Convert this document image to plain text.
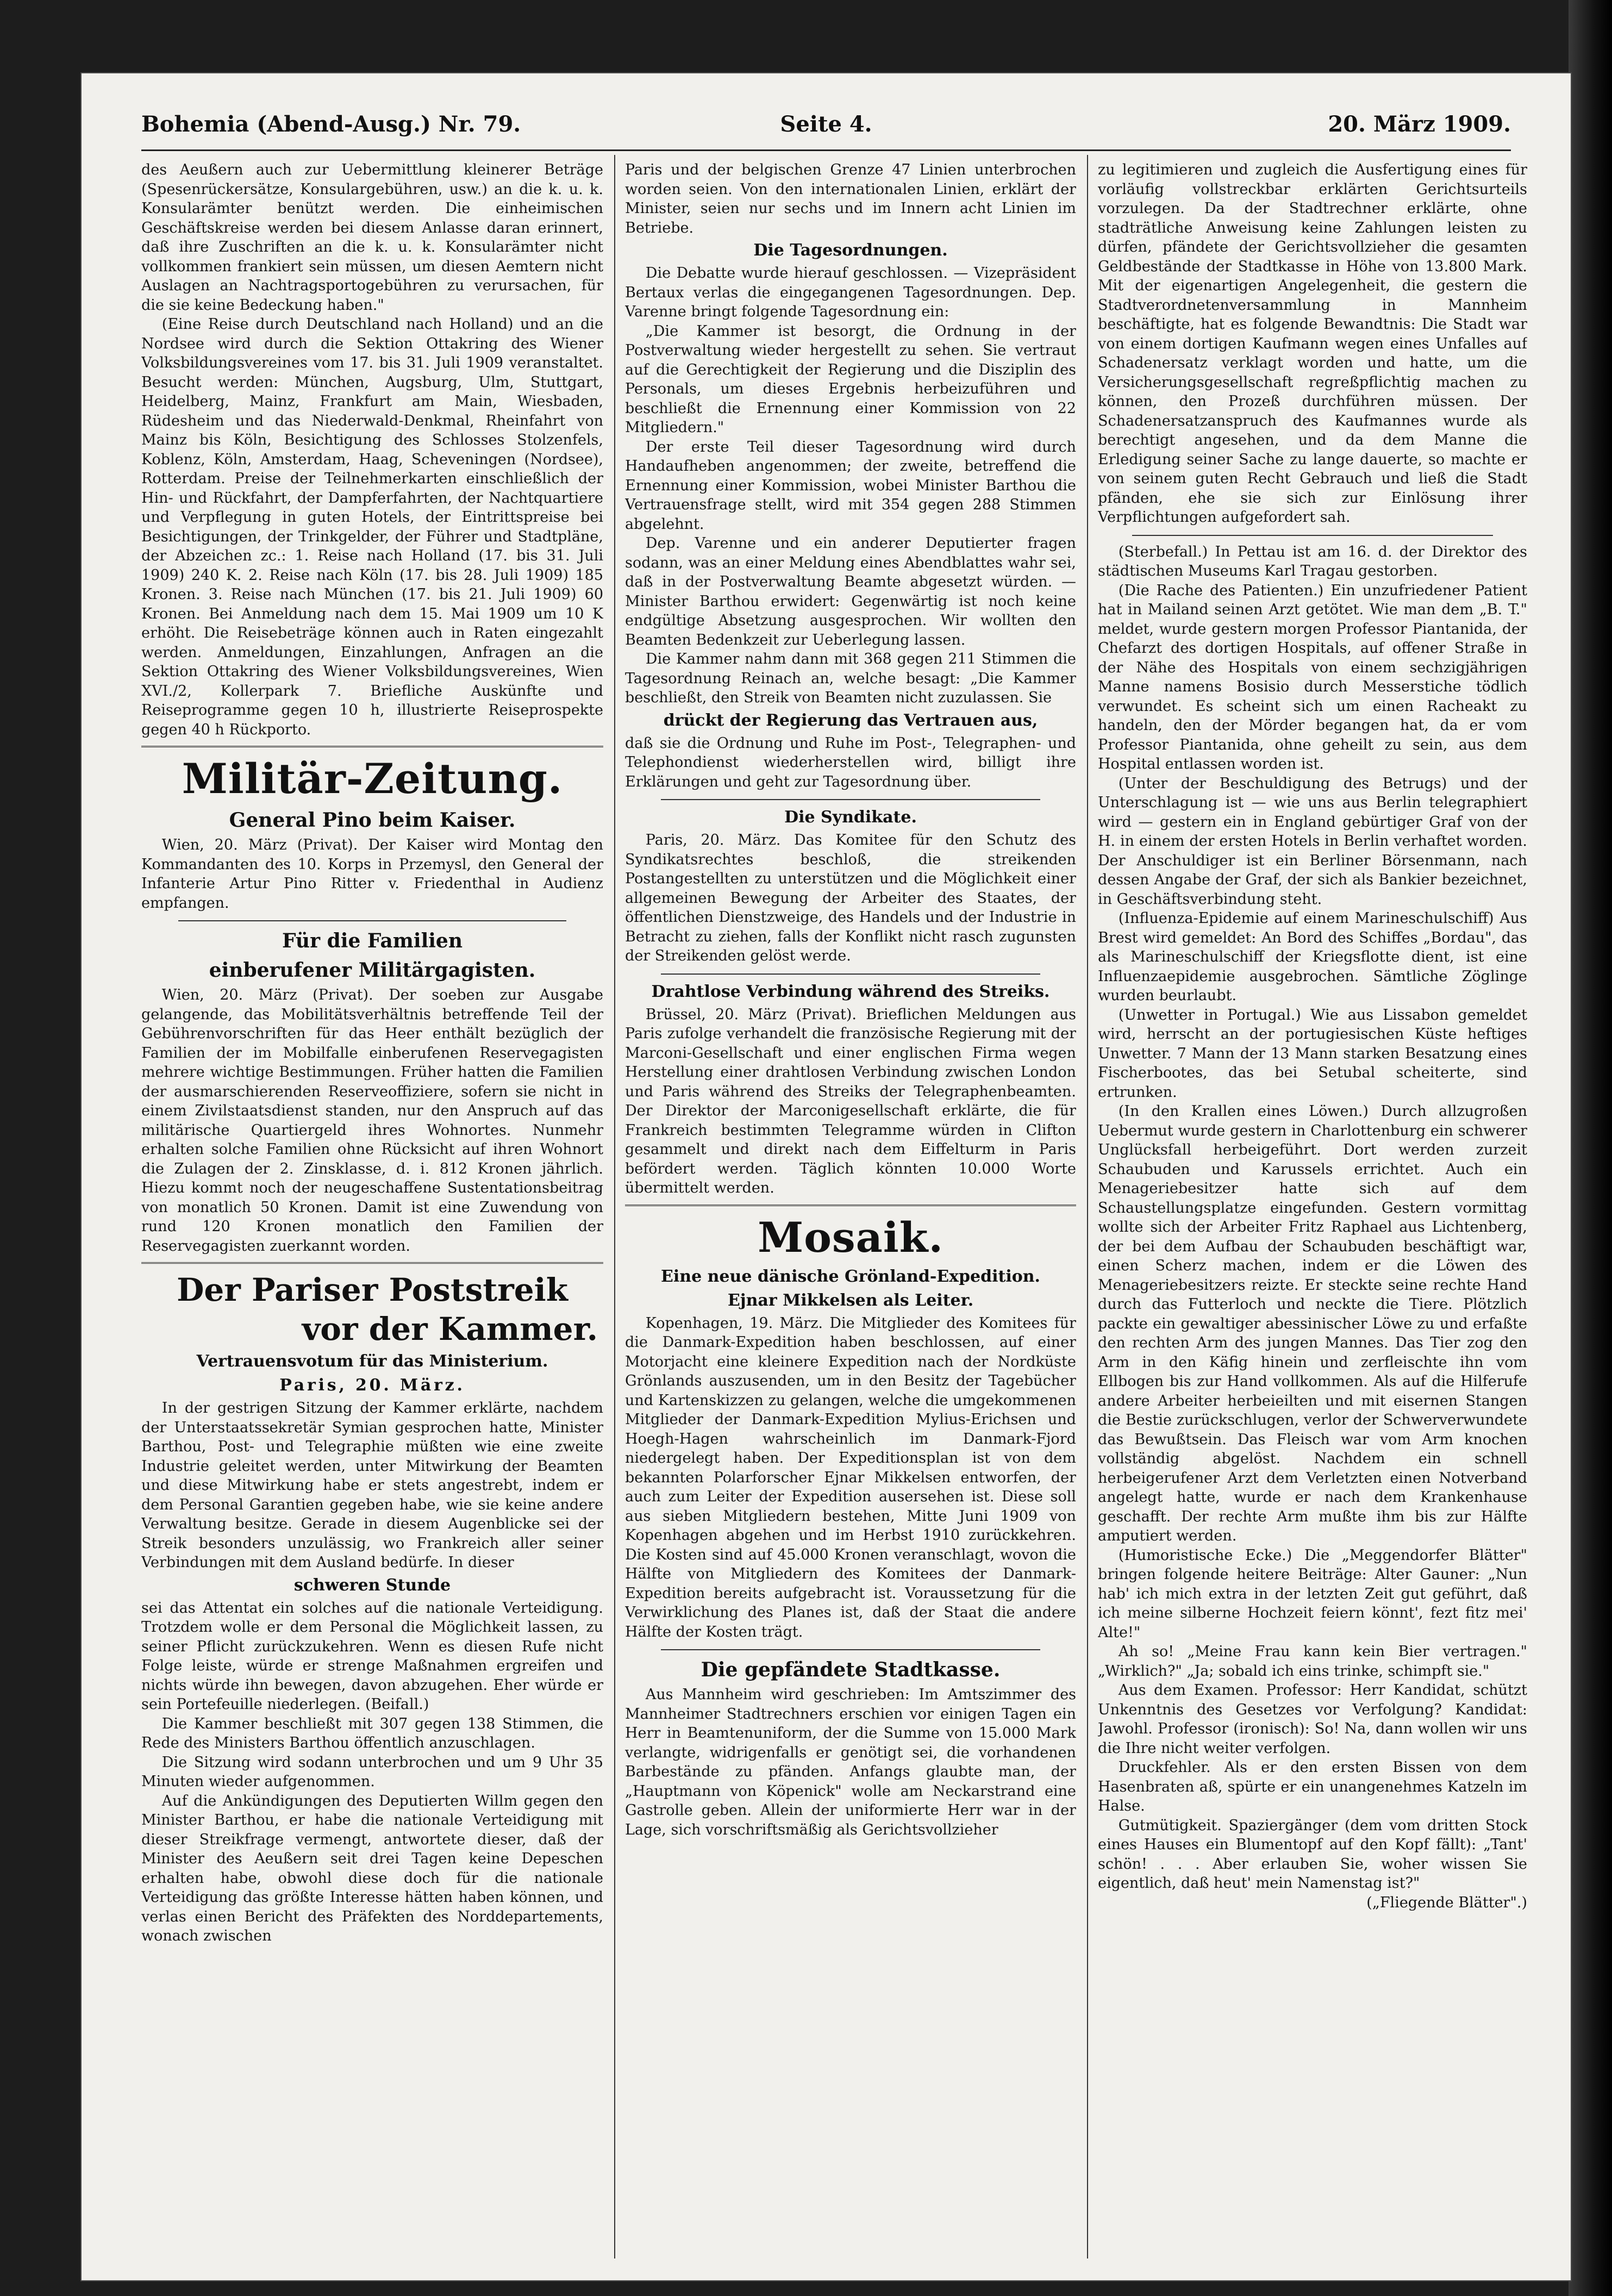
Bohemia (Abend-Ausg.) Nr. 79.	Seite 4.	20. März 1909.

des Aeußern auch zur Uebermittlung kleinerer Beträge (Spesenrückersätze, Konsulargebühren, usw.) an die k. u. k. Konsularämter benützt werden. Die einheimischen Geschäftskreise werden bei diesem Anlasse daran erinnert, daß ihre Zuschriften an die k. u. k. Konsularämter nicht vollkommen frankiert sein müssen, um diesen Aemtern nicht Auslagen an Nachtragsportogebühren zu verursachen, für die sie keine Bedeckung haben."

(Eine Reise durch Deutschland nach Holland) und an die Nordsee wird durch die Sektion Ottakring des Wiener Volksbildungsvereines vom 17. bis 31. Juli 1909 veranstaltet. Besucht werden: München, Augsburg, Ulm, Stuttgart, Heidelberg, Mainz, Frankfurt am Main, Wiesbaden, Rüdesheim und das Niederwald-Denkmal, Rheinfahrt von Mainz bis Köln, Besichtigung des Schlosses Stolzenfels, Koblenz, Köln, Amsterdam, Haag, Scheveningen (Nordsee), Rotterdam. Preise der Teilnehmerkarten einschließlich der Hin- und Rückfahrt, der Dampferfahrten, der Nachtquartiere und Verpflegung in guten Hotels, der Eintrittspreise bei Besichtigungen, der Trinkgelder, der Führer und Stadtpläne, der Abzeichen zc.: 1. Reise nach Holland (17. bis 31. Juli 1909) 240 K. 2. Reise nach Köln (17. bis 28. Juli 1909) 185 Kronen. 3. Reise nach München (17. bis 21. Juli 1909) 60 Kronen. Bei Anmeldung nach dem 15. Mai 1909 um 10 K erhöht. Die Reisebeträge können auch in Raten eingezahlt werden. Anmeldungen, Einzahlungen, Anfragen an die Sektion Ottakring des Wiener Volksbildungsvereines, Wien XVI./2, Kollerpark 7. Briefliche Auskünfte und Reiseprogramme gegen 10 h, illustrierte Reiseprospekte gegen 40 h Rückporto.

Militär-Zeitung.
General Pino beim Kaiser.

Wien, 20. März (Privat). Der Kaiser wird Montag den Kommandanten des 10. Korps in Przemysl, den General der Infanterie Artur Pino Ritter v. Friedenthal in Audienz empfangen.

Für die Familien
einberufener Militärgagisten.

Wien, 20. März (Privat). Der soeben zur Ausgabe gelangende, das Mobilitätsverhältnis betreffende Teil der Gebührenvorschriften für das Heer enthält bezüglich der Familien der im Mobilfalle einberufenen Reservegagisten mehrere wichtige Bestimmungen. Früher hatten die Familien der ausmarschierenden Reserveoffiziere, sofern sie nicht in einem Zivilstaatsdienst standen, nur den Anspruch auf das militärische Quartiergeld ihres Wohnortes. Nunmehr erhalten solche Familien ohne Rücksicht auf ihren Wohnort die Zulagen der 2. Zinsklasse, d. i. 812 Kronen jährlich. Hiezu kommt noch der neugeschaffene Sustentationsbeitrag von monatlich 50 Kronen. Damit ist eine Zuwendung von rund 120 Kronen monatlich den Familien der Reservegagisten zuerkannt worden.

Der Pariser Poststreik
vor der Kammer.
Vertrauensvotum für das Ministerium.
Paris, 20. März.

In der gestrigen Sitzung der Kammer erklärte, nachdem der Unterstaatssekretär Symian gesprochen hatte, Minister Barthou, Post- und Telegraphie müßten wie eine zweite Industrie geleitet werden, unter Mitwirkung der Beamten und diese Mitwirkung habe er stets angestrebt, indem er dem Personal Garantien gegeben habe, wie sie keine andere Verwaltung besitze. Gerade in diesem Augenblicke sei der Streik besonders unzulässig, wo Frankreich aller seiner Verbindungen mit dem Ausland bedürfe. In dieser

schweren Stunde

sei das Attentat ein solches auf die nationale Verteidigung. Trotzdem wolle er dem Personal die Möglichkeit lassen, zu seiner Pflicht zurückzukehren. Wenn es diesen Rufe nicht Folge leiste, würde er strenge Maßnahmen ergreifen und nichts würde ihn bewegen, davon abzugehen. Eher würde er sein Portefeuille niederlegen. (Beifall.)

Die Kammer beschließt mit 307 gegen 138 Stimmen, die Rede des Ministers Barthou öffentlich anzuschlagen.

Die Sitzung wird sodann unterbrochen und um 9 Uhr 35 Minuten wieder aufgenommen.

Auf die Ankündigungen des Deputierten Willm gegen den Minister Barthou, er habe die nationale Verteidigung mit dieser Streikfrage vermengt, antwortete dieser, daß der Minister des Aeußern seit drei Tagen keine Depeschen erhalten habe, obwohl diese doch für die nationale Verteidigung das größte Interesse hätten haben können, und verlas einen Bericht des Präfekten des Norddepartements, wonach zwischen

Paris und der belgischen Grenze 47 Linien unterbrochen worden seien. Von den internationalen Linien, erklärt der Minister, seien nur sechs und im Innern acht Linien im Betriebe.

Die Tagesordnungen.

Die Debatte wurde hierauf geschlossen. — Vizepräsident Bertaux verlas die eingegangenen Tagesordnungen. Dep. Varenne bringt folgende Tagesordnung ein:

„Die Kammer ist besorgt, die Ordnung in der Postverwaltung wieder hergestellt zu sehen. Sie vertraut auf die Gerechtigkeit der Regierung und die Disziplin des Personals, um dieses Ergebnis herbeizuführen und beschließt die Ernennung einer Kommission von 22 Mitgliedern."

Der erste Teil dieser Tagesordnung wird durch Handaufheben angenommen; der zweite, betreffend die Ernennung einer Kommission, wobei Minister Barthou die Vertrauensfrage stellt, wird mit 354 gegen 288 Stimmen abgelehnt.

Dep. Varenne und ein anderer Deputierter fragen sodann, was an einer Meldung eines Abendblattes wahr sei, daß in der Postverwaltung Beamte abgesetzt würden. — Minister Barthou erwidert: Gegenwärtig ist noch keine endgültige Absetzung ausgesprochen. Wir wollten den Beamten Bedenkzeit zur Ueberlegung lassen.

Die Kammer nahm dann mit 368 gegen 211 Stimmen die Tagesordnung Reinach an, welche besagt: „Die Kammer beschließt, den Streik von Beamten nicht zuzulassen. Sie

drückt der Regierung das Vertrauen aus,

daß sie die Ordnung und Ruhe im Post-, Telegraphen- und Telephondienst wiederherstellen wird, billigt ihre Erklärungen und geht zur Tagesordnung über.

Die Syndikate.

Paris, 20. März. Das Komitee für den Schutz des Syndikatsrechtes beschloß, die streikenden Postangestellten zu unterstützen und die Möglichkeit einer allgemeinen Bewegung der Arbeiter des Staates, der öffentlichen Dienstzweige, des Handels und der Industrie in Betracht zu ziehen, falls der Konflikt nicht rasch zugunsten der Streikenden gelöst werde.

Drahtlose Verbindung während des Streiks.

Brüssel, 20. März (Privat). Brieflichen Meldungen aus Paris zufolge verhandelt die französische Regierung mit der Marconi-Gesellschaft und einer englischen Firma wegen Herstellung einer drahtlosen Verbindung zwischen London und Paris während des Streiks der Telegraphenbeamten. Der Direktor der Marconigesellschaft erklärte, die für Frankreich bestimmten Telegramme würden in Clifton gesammelt und direkt nach dem Eiffelturm in Paris befördert werden. Täglich könnten 10.000 Worte übermittelt werden.

Mosaik.
Eine neue dänische Grönland-Expedition.
Ejnar Mikkelsen als Leiter.

Kopenhagen, 19. März. Die Mitglieder des Komitees für die Danmark-Expedition haben beschlossen, auf einer Motorjacht eine kleinere Expedition nach der Nordküste Grönlands auszusenden, um in den Besitz der Tagebücher und Kartenskizzen zu gelangen, welche die umgekommenen Mitglieder der Danmark-Expedition Mylius-Erichsen und Hoegh-Hagen wahrscheinlich im Danmark-Fjord niedergelegt haben. Der Expeditionsplan ist von dem bekannten Polarforscher Ejnar Mikkelsen entworfen, der auch zum Leiter der Expedition ausersehen ist. Diese soll aus sieben Mitgliedern bestehen, Mitte Juni 1909 von Kopenhagen abgehen und im Herbst 1910 zurückkehren. Die Kosten sind auf 45.000 Kronen veranschlagt, wovon die Hälfte von Mitgliedern des Komitees der Danmark-Expedition bereits aufgebracht ist. Voraussetzung für die Verwirklichung des Planes ist, daß der Staat die andere Hälfte der Kosten trägt.

Die gepfändete Stadtkasse.

Aus Mannheim wird geschrieben: Im Amtszimmer des Mannheimer Stadtrechners erschien vor einigen Tagen ein Herr in Beamtenuniform, der die Summe von 15.000 Mark verlangte, widrigenfalls er genötigt sei, die vorhandenen Barbestände zu pfänden. Anfangs glaubte man, der „Hauptmann von Köpenick" wolle am Neckarstrand eine Gastrolle geben. Allein der uniformierte Herr war in der Lage, sich vorschriftsmäßig als Gerichtsvollzieher

zu legitimieren und zugleich die Ausfertigung eines für vorläufig vollstreckbar erklärten Gerichtsurteils vorzulegen. Da der Stadtrechner erklärte, ohne stadträtliche Anweisung keine Zahlungen leisten zu dürfen, pfändete der Gerichtsvollzieher die gesamten Geldbestände der Stadtkasse in Höhe von 13.800 Mark. Mit der eigenartigen Angelegenheit, die gestern die Stadtverordnetenversammlung in Mannheim beschäftigte, hat es folgende Bewandtnis: Die Stadt war von einem dortigen Kaufmann wegen eines Unfalles auf Schadenersatz verklagt worden und hatte, um die Versicherungsgesellschaft regreßpflichtig machen zu können, den Prozeß durchführen müssen. Der Schadenersatzanspruch des Kaufmannes wurde als berechtigt angesehen, und da dem Manne die Erledigung seiner Sache zu lange dauerte, so machte er von seinem guten Recht Gebrauch und ließ die Stadt pfänden, ehe sie sich zur Einlösung ihrer Verpflichtungen aufgefordert sah.

(Sterbefall.) In Pettau ist am 16. d. der Direktor des städtischen Museums Karl Tragau gestorben.

(Die Rache des Patienten.) Ein unzufriedener Patient hat in Mailand seinen Arzt getötet. Wie man dem „B. T." meldet, wurde gestern morgen Professor Piantanida, der Chefarzt des dortigen Hospitals, auf offener Straße in der Nähe des Hospitals von einem sechzigjährigen Manne namens Bosisio durch Messerstiche tödlich verwundet. Es scheint sich um einen Racheakt zu handeln, den der Mörder begangen hat, da er vom Professor Piantanida, ohne geheilt zu sein, aus dem Hospital entlassen worden ist.

(Unter der Beschuldigung des Betrugs) und der Unterschlagung ist — wie uns aus Berlin telegraphiert wird — gestern ein in England gebürtiger Graf von der H. in einem der ersten Hotels in Berlin verhaftet worden. Der Anschuldiger ist ein Berliner Börsenmann, nach dessen Angabe der Graf, der sich als Bankier bezeichnet, in Geschäftsverbindung steht.

(Influenza-Epidemie auf einem Marineschulschiff) Aus Brest wird gemeldet: An Bord des Schiffes „Bordau", das als Marineschulschiff der Kriegsflotte dient, ist eine Influenzaepidemie ausgebrochen. Sämtliche Zöglinge wurden beurlaubt.

(Unwetter in Portugal.) Wie aus Lissabon gemeldet wird, herrscht an der portugiesischen Küste heftiges Unwetter. 7 Mann der 13 Mann starken Besatzung eines Fischerbootes, das bei Setubal scheiterte, sind ertrunken.

(In den Krallen eines Löwen.) Durch allzugroßen Uebermut wurde gestern in Charlottenburg ein schwerer Unglücksfall herbeigeführt. Dort werden zurzeit Schaubuden und Karussels errichtet. Auch ein Menageriebesitzer hatte sich auf dem Schaustellungsplatze eingefunden. Gestern vormittag wollte sich der Arbeiter Fritz Raphael aus Lichtenberg, der bei dem Aufbau der Schaubuden beschäftigt war, einen Scherz machen, indem er die Löwen des Menageriebesitzers reizte. Er steckte seine rechte Hand durch das Futterloch und neckte die Tiere. Plötzlich packte ein gewaltiger abessinischer Löwe zu und erfaßte den rechten Arm des jungen Mannes. Das Tier zog den Arm in den Käfig hinein und zerfleischte ihn vom Ellbogen bis zur Hand vollkommen. Als auf die Hilferufe andere Arbeiter herbeieilten und mit eisernen Stangen die Bestie zurückschlugen, verlor der Schwerverwundete das Bewußtsein. Das Fleisch war vom Arm knochen vollständig abgelöst. Nachdem ein schnell herbeigerufener Arzt dem Verletzten einen Notverband angelegt hatte, wurde er nach dem Krankenhause geschafft. Der rechte Arm mußte ihm bis zur Hälfte amputiert werden.

(Humoristische Ecke.) Die „Meggendorfer Blätter" bringen folgende heitere Beiträge: Alter Gauner: „Nun hab' ich mich extra in der letzten Zeit gut geführt, daß ich meine silberne Hochzeit feiern könnt', fezt fitz mei' Alte!"

Ah so! „Meine Frau kann kein Bier vertragen." „Wirklich?" „Ja; sobald ich eins trinke, schimpft sie."

Aus dem Examen. Professor: Herr Kandidat, schützt Unkenntnis des Gesetzes vor Verfolgung? Kandidat: Jawohl. Professor (ironisch): So! Na, dann wollen wir uns die Ihre nicht weiter verfolgen.

Druckfehler. Als er den ersten Bissen von dem Hasenbraten aß, spürte er ein unangenehmes Katzeln im Halse.

Gutmütigkeit. Spaziergänger (dem vom dritten Stock eines Hauses ein Blumentopf auf den Kopf fällt): „Tant' schön! . . . Aber erlauben Sie, woher wissen Sie eigentlich, daß heut' mein Namenstag ist?"

(„Fliegende Blätter".)
